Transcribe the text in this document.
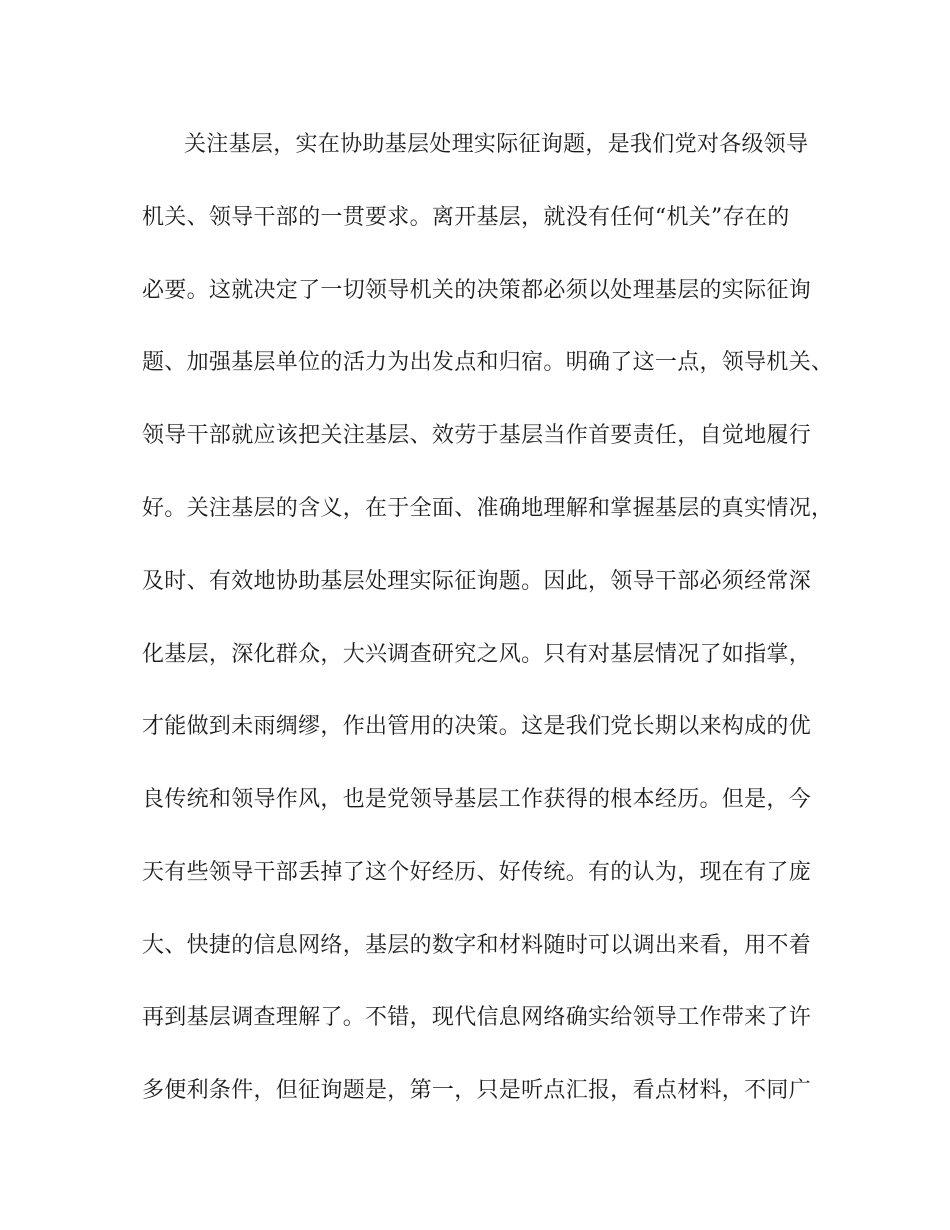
关注基层，实在协助基层处理实际征询题，是我们党对各级领导
机关、领导干部的一贯要求。离开基层，就没有任何“机关”存在的
必要。这就决定了一切领导机关的决策都必须以处理基层的实际征询
题、加强基层单位的活力为出发点和归宿。明确了这一点，领导机关、
领导干部就应该把关注基层、效劳于基层当作首要责任，自觉地履行
好。关注基层的含义，在于全面、准确地理解和掌握基层的真实情况，
及时、有效地协助基层处理实际征询题。因此，领导干部必须经常深
化基层，深化群众，大兴调查研究之风。只有对基层情况了如指掌，
才能做到未雨绸缪，作出管用的决策。这是我们党长期以来构成的优
良传统和领导作风，也是党领导基层工作获得的根本经历。但是，今
天有些领导干部丢掉了这个好经历、好传统。有的认为，现在有了庞
大、快捷的信息网络，基层的数字和材料随时可以调出来看，用不着
再到基层调查理解了。不错，现代信息网络确实给领导工作带来了许
多便利条件，但征询题是，第一，只是听点汇报，看点材料，不同广
